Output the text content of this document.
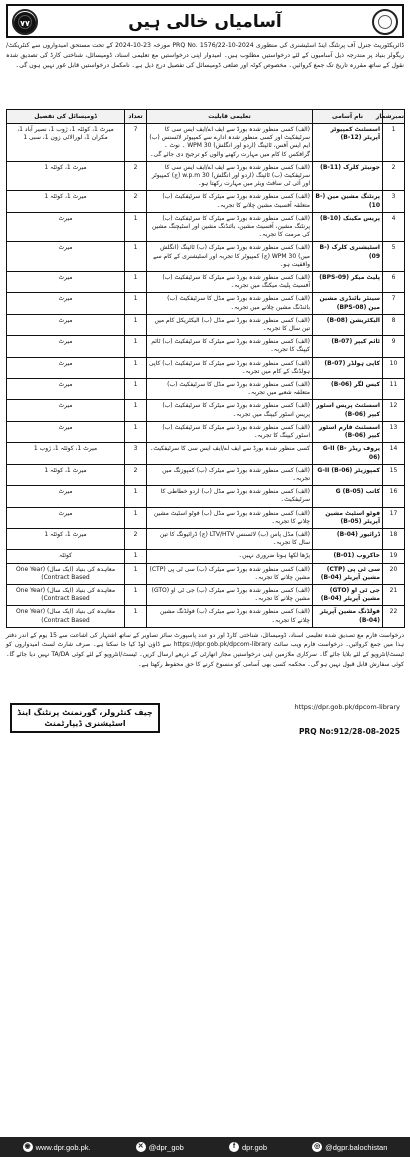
٧٧	آسامیاں خالی ہیں
ڈائریکٹوریٹ جنرل آف پرنٹنگ اینڈ اسٹیشنری کی منظوری PRQ No. 1576/22-10-2024 مورخہ 23-10-2024 کے تحت مستحق امیدواروں سے کنٹریکٹ/ریگولر بنیاد پر مندرجہ ذیل آسامیوں کے لئے درخواستیں مطلوب ہیں۔ امیدوار اپنی درخواستیں مع تعلیمی اسناد، ڈومیسائل، شناختی کارڈ کی تصدیق شدہ نقول کے ساتھ مقررہ تاریخ تک جمع کروائیں۔ مخصوص کوٹہ اور ضلعی ڈومیسائل کی تفصیل درج ذیل ہے۔ نامکمل درخواستیں قابل غور نہیں ہوں گی۔
نمبرشمار	نام آسامی	تعلیمی قابلیت	تعداد	ڈومیسائل کی تفصیل
1	اسسٹنٹ کمپیوٹر آپریٹر (B-12)	(الف) کسی منظور شدہ بورڈ سے ایف اے/ایف ایس سی کا سرٹیفکیٹ اور کسی منظور شدہ ادارے سے کمپیوٹر لائسنس (ب) ایم ایس آفس، ٹائپنگ (اردو اور انگلش) 30 WPM ۔ نوٹ ۔ گرافکس کا کام میں مہارت رکھنے والوں کو ترجیح دی جائے گی۔	7	میرٹ 1، کوئٹہ 1، ژوب 1، نصیر آباد 1، مکران 1، لورالائی زون 1، سبی 1
2	جونیئر کلرک (B-11)	(الف) کسی منظور شدہ بورڈ سے ایف اے/ایف ایس سی کا سرٹیفکیٹ (ب) ٹائپنگ (اردو اور انگلش) 30 w.p.m (ج) کمپیوٹر اور آئی ٹی سافٹ ویئر میں مہارت رکھتا ہو۔	2	میرٹ 1، کوئٹہ 1
3	پرنٹنگ مشین مین (B-10)	(الف) کسی منظور شدہ بورڈ سے میٹرک کا سرٹیفکیٹ (ب) متعلقہ آفسیٹ مشین چلانے کا تجربہ۔	2	میرٹ 1، کوئٹہ 1
4	پریس مکینک (B-10)	(الف) کسی منظور شدہ بورڈ سے میٹرک کا سرٹیفکیٹ (ب) پرنٹنگ مشین، آفسیٹ مشین، بائنڈنگ مشین اور اسٹیچنگ مشین کی مرمت کا تجربہ۔	1	میرٹ
5	اسٹیشنری کلرک (B-09)	(الف) کسی منظور شدہ بورڈ سے میٹرک (ب) ٹائپنگ (انگلش میں) 30 WPM (ج) کمپیوٹر کا تجربہ اور اسٹیشنری کے کام سے واقفیت ہو۔	1	میرٹ
6	پلیٹ میکر (BPS-09)	(الف) کسی منظور شدہ بورڈ سے میٹرک کا سرٹیفکیٹ (ب) آفسیٹ پلیٹ میکنگ میں تجربہ۔	1	میرٹ
7	سینئر بائنڈری مشین مین (BPS-08)	(الف) کسی منظور شدہ بورڈ سے مڈل کا سرٹیفکیٹ (ب) بائنڈنگ مشین چلانے میں تجربہ۔	1	میرٹ
8	الیکٹریشن (B-08)	(الف) کسی منظور شدہ بورڈ سے مڈل (ب) الیکٹریکل کام میں تین سال کا تجربہ۔	1	میرٹ
9	ٹائم کیپر (B-07)	(الف) کسی منظور شدہ بورڈ سے میٹرک کا سرٹیفکیٹ (ب) ٹائم کیپنگ کا تجربہ۔	1	میرٹ
10	کاپی ہولڈر (B-07)	(الف) کسی منظور شدہ بورڈ سے میٹرک کا سرٹیفکیٹ (ب) کاپی ہولڈنگ کے کام میں تجربہ۔	1	میرٹ
11	کیس لگر (B-06)	(الف) کسی منظور شدہ بورڈ سے مڈل کا سرٹیفکیٹ (ب) متعلقہ شعبے میں تجربہ۔	1	میرٹ
12	اسسٹنٹ پریس اسٹور کیپر (B-06)	(الف) کسی منظور شدہ بورڈ سے میٹرک کا سرٹیفکیٹ (ب) پریس اسٹور کیپنگ میں تجربہ۔	1	میرٹ
13	اسسٹنٹ فارم اسٹور کیپر (B-06)	(الف) کسی منظور شدہ بورڈ سے میٹرک کا سرٹیفکیٹ (ب) اسٹور کیپنگ کا تجربہ۔	1	میرٹ
14	پروف ریڈر G-II (B-06)	کسی منظور شدہ بورڈ سے ایف اے/ایف ایس سی کا سرٹیفکیٹ۔	3	میرٹ 1، کوئٹہ 1، ژوب 1
15	کمپوزیٹر G-II (B-06)	(الف) کسی منظور شدہ بورڈ سے میٹرک (ب) کمپوزنگ میں تجربہ۔	2	میرٹ 1، کوئٹہ 1
16	کاتب G (B-05)	(الف) کسی منظور شدہ بورڈ سے مڈل (ب) اردو خطاطی کا سرٹیفکیٹ۔	1	میرٹ
17	فوٹو اسٹیٹ مشین آپریٹر (B-05)	(الف) کسی منظور شدہ بورڈ سے مڈل (ب) فوٹو اسٹیٹ مشین چلانے کا تجربہ۔	1	میرٹ
18	ڈرائیور (B-04)	(الف) مڈل پاس (ب) لائسنس LTV/HTV (ج) ڈرائیونگ کا تین سال کا تجربہ۔	2	میرٹ 1، کوئٹہ 1
19	خاکروب (B-01)	پڑھا لکھا ہونا ضروری نہیں۔	1	کوئٹہ
20	سی ٹی پی (CTP) مشین آپریٹر (B-04)	(الف) کسی منظور شدہ بورڈ سے میٹرک (ب) سی ٹی پی (CTP) مشین چلانے کا تجربہ۔	1	معاہدہ کی بنیاد (ایک سال) (One Year Contract Based)
21	جی ٹی او (GTO) مشین آپریٹر (B-04)	(الف) کسی منظور شدہ بورڈ سے میٹرک (ب) جی ٹی او (GTO) مشین چلانے کا تجربہ۔	1	معاہدہ کی بنیاد (ایک سال) (One Year Contract Based)
22	فولڈنگ مشین آپریٹر (B-04)	(الف) کسی منظور شدہ بورڈ سے میٹرک (ب) فولڈنگ مشین چلانے کا تجربہ۔	1	معاہدہ کی بنیاد (ایک سال) (One Year Contract Based)
درخواست فارم مع تصدیق شدہ تعلیمی اسناد، ڈومیسائل، شناختی کارڈ اور دو عدد پاسپورٹ سائز تصاویر کے ساتھ اشتہار کی اشاعت سے 15 یوم کے اندر دفتر ہذا میں جمع کروائیں۔ درخواست فارم ویب سائٹ https://dpr.gob.pk/dpcom-library سے ڈاؤن لوڈ کیا جا سکتا ہے۔ صرف شارٹ لسٹ امیدواروں کو ٹیسٹ/انٹرویو کے لئے بلایا جائے گا۔ سرکاری ملازمین اپنی درخواستیں مجاز اتھارٹی کے ذریعے ارسال کریں۔ ٹیسٹ/انٹرویو کے لئے کوئی TA/DA نہیں دیا جائے گا۔ کوئی سفارش قابل قبول نہیں ہو گی۔ محکمہ کسی بھی آسامی کو منسوخ کرنے کا حق محفوظ رکھتا ہے۔
چیف کنٹرولر، گورنمنٹ پرنٹنگ اینڈ اسٹیشنری ڈیپارٹمنٹ
https://dpr.gob.pk/dpcom-library
PRQ No:912/28-08-2025
◉ www.dpr.gob.pk.	✕ @dpr_gob	f dpr.gob	◎ @dgpr.balochistan
